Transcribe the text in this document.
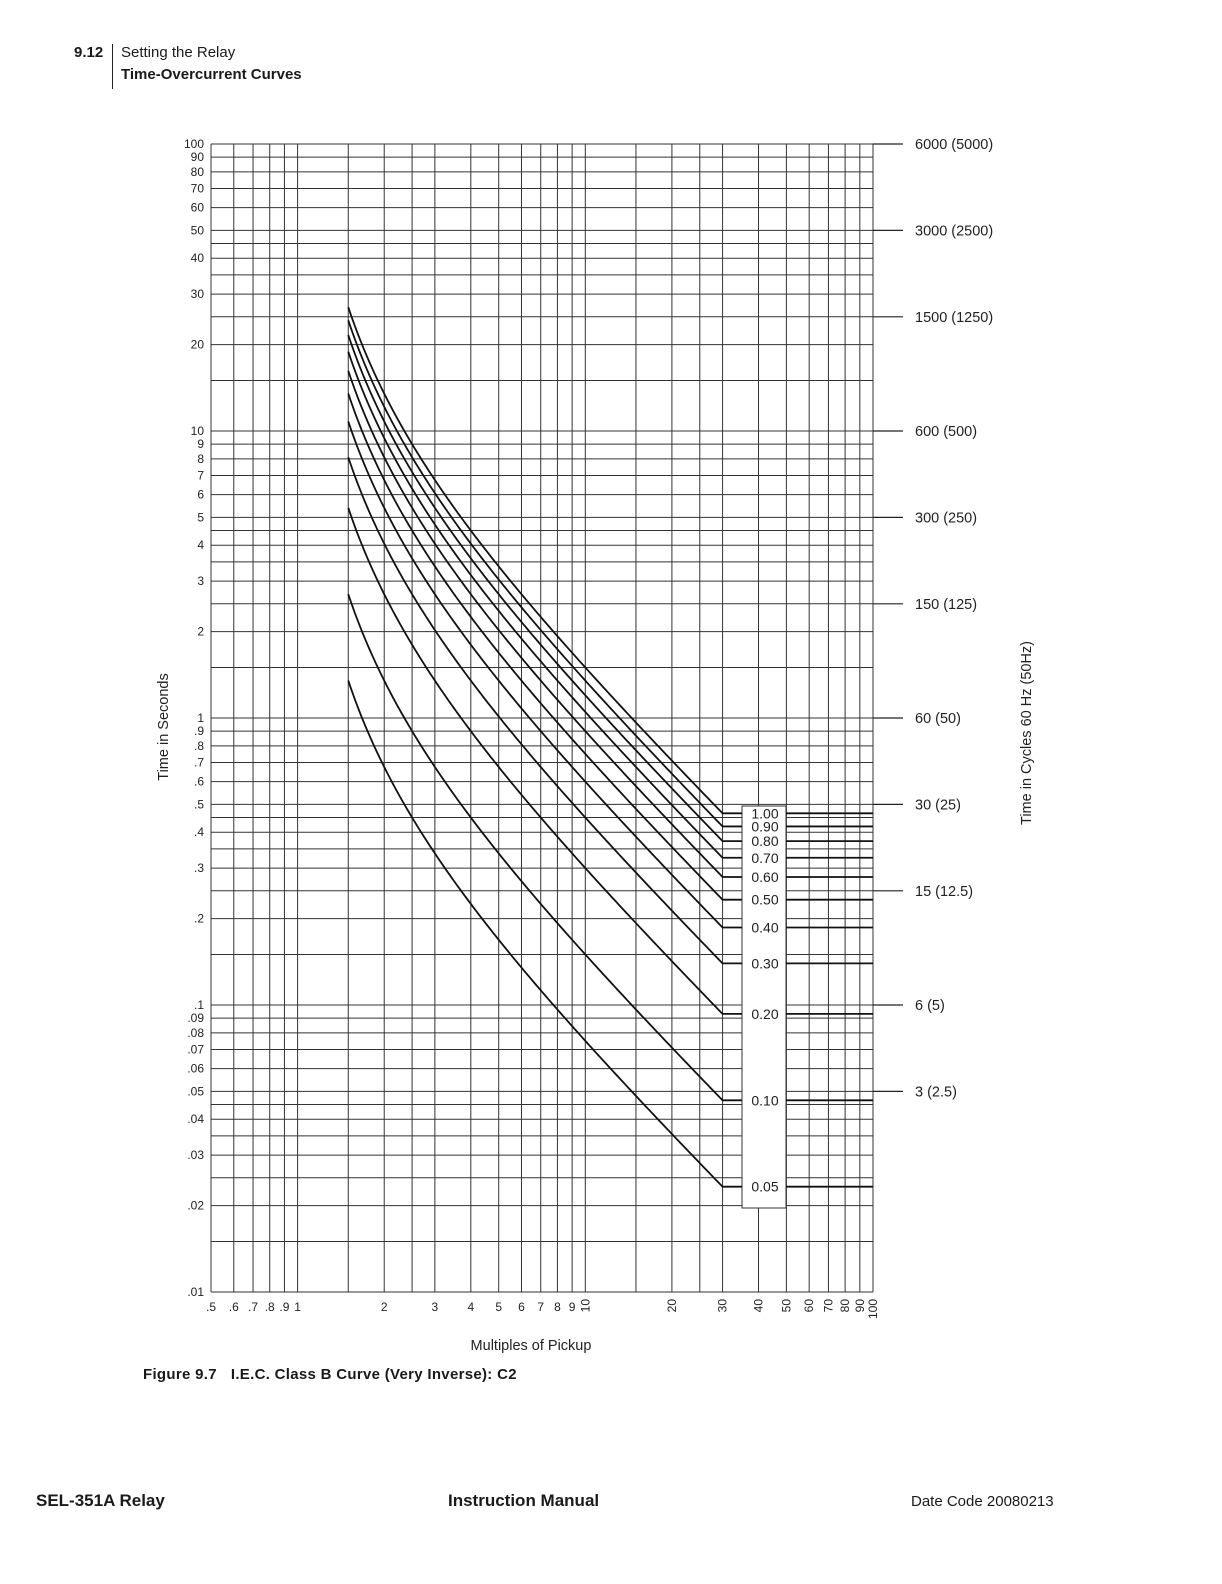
9.12 Setting the Relay
Time-Overcurrent Curves
6000 (5000)
3000 (2500)
1500 (1250)
600 (500)
300 (250)
150 (125)
60 (50)
30 (25)
15 (12.5)
6 (5)
3 (2.5)
100
90
80
70
60
50
40
30
20
10
9
8
7
6
5
4
3
2
1
.9
.8
.7
.6
.5
.4
.3
.2
.1
.09
.08
.07
.06
.05
.04
.03
.02
.01
.5 .6 .7 .8 .9 1	2	3 4 5 6 7 8 9 10	20	30 40 50 60 70 80 90 100
Multiples of Pickup
Time in Seconds	Time in Cycles 60 Hz (50Hz)
1.00
0.90
0.80
0.70
0.60
0.50
0.40
0.30
0.20
0.10
0.05
Figure 9.7 I.E.C. Class B Curve (Very Inverse): C2
SEL-351A Relay	Instruction Manual	Date Code 20080213
